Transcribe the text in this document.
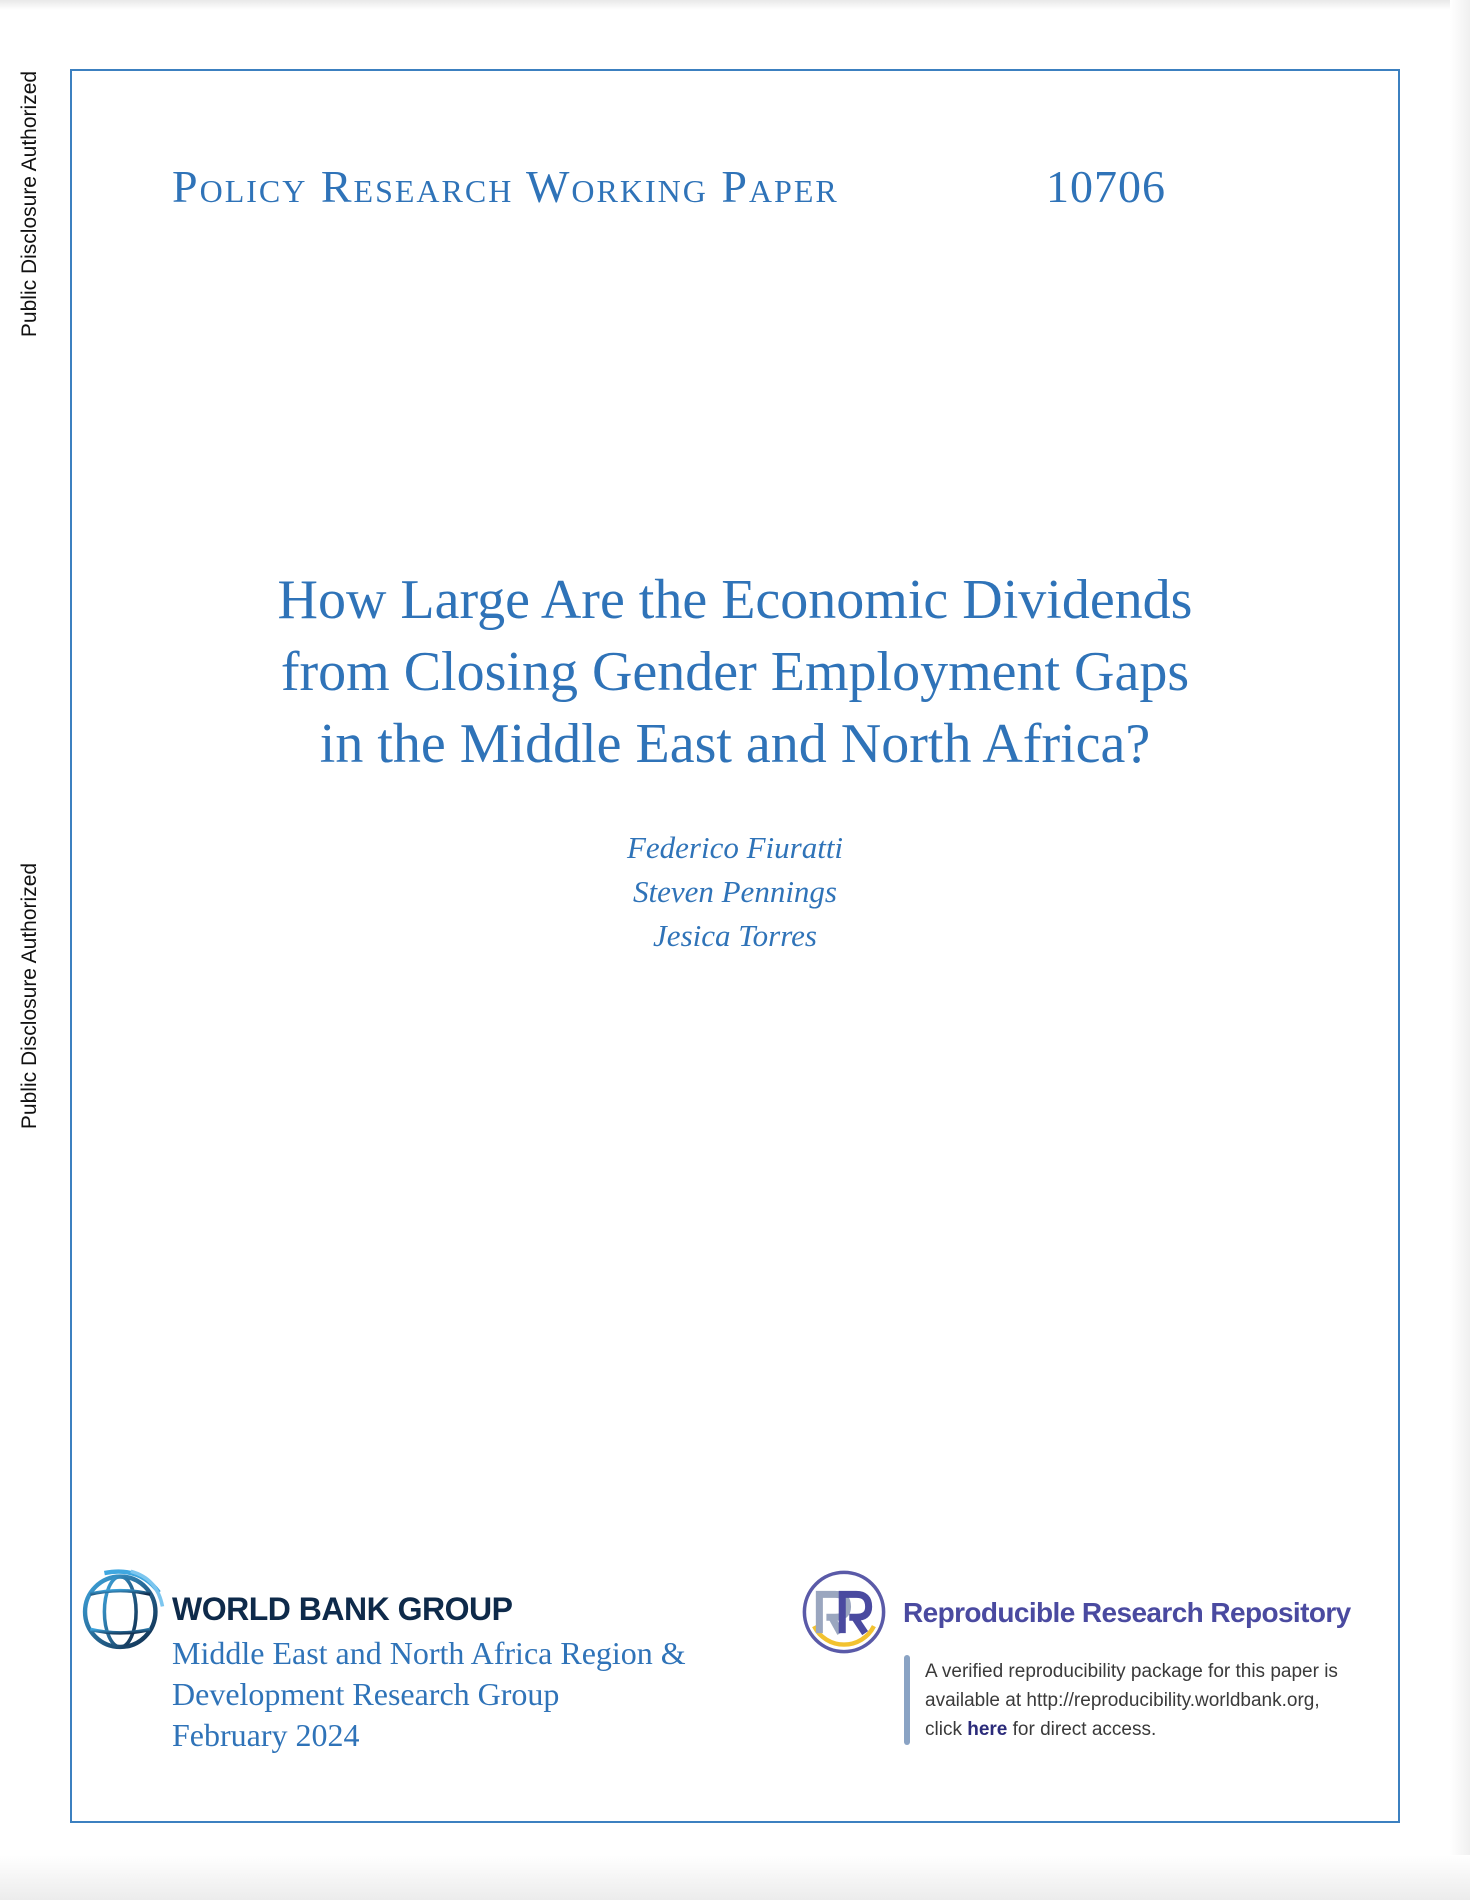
Public Disclosure Authorized
Public Disclosure Authorized
Policy Research Working Paper	10706
How Large Are the Economic Dividends
from Closing Gender Employment Gaps
in the Middle East and North Africa?
Federico Fiuratti
Steven Pennings
Jesica Torres
WORLD BANK GROUP
Middle East and North Africa Region &
Development Research Group
February 2024
Reproducible Research Repository
A verified reproducibility package for this paper is
available at http://reproducibility.worldbank.org,
click here for direct access.
